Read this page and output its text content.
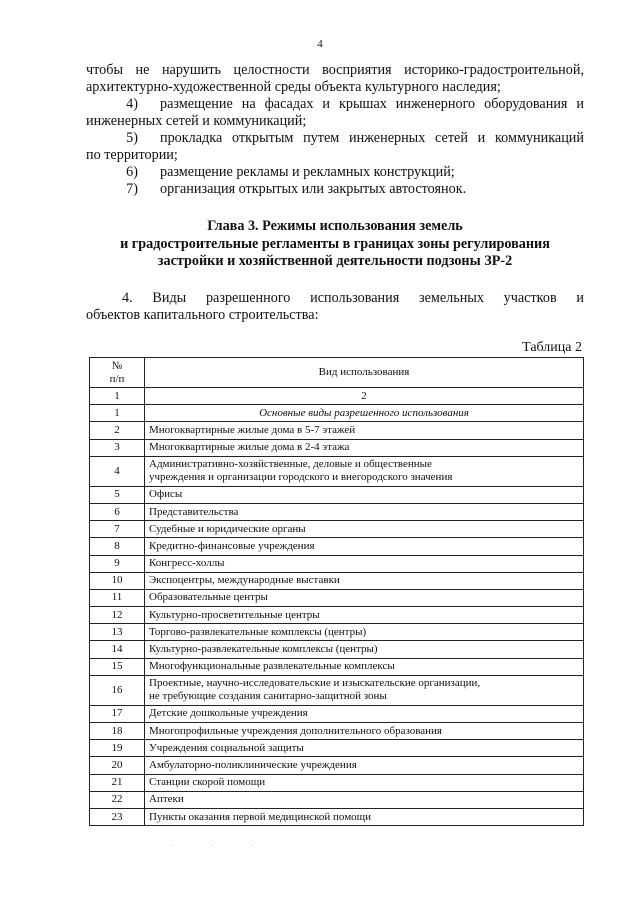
4
чтобы не нарушить целостности восприятия историко-градостроительной,
архитектурно-художественной среды объекта культурного наследия;
4)	размещение на фасадах и крышах инженерного оборудования и
инженерных сетей и коммуникаций;
5)	прокладка открытым путем инженерных сетей и коммуникаций
по территории;
6)	размещение рекламы и рекламных конструкций;
7)	организация открытых или закрытых автостоянок.
Глава 3. Режимы использования земель
и градостроительные регламенты в границах зоны регулирования
застройки и хозяйственной деятельности подзоны ЗР-2
4. Виды разрешенного использования земельных участков и
объектов капитального строительства:
Таблица 2
№
п/п	Вид использования
1	2
1	Основные виды разрешенного использования
2	Многоквартирные жилые дома в 5-7 этажей
3	Многоквартирные жилые дома в 2-4 этажа
4	Административно-хозяйственные, деловые и общественные
учреждения и организации городского и внегородского значения
5	Офисы
6	Представительства
7	Судебные и юридические органы
8	Кредитно-финансовые учреждения
9	Конгресс-холлы
10	Экспоцентры, международные выставки
11	Образовательные центры
12	Культурно-просветительные центры
13	Торгово-развлекательные комплексы (центры)
14	Культурно-развлекательные комплексы (центры)
15	Многофункциональные развлекательные комплексы
16	Проектные, научно-исследовательские и изыскательские организации,
не требующие создания санитарно-защитной зоны
17	Детские дошкольные учреждения
18	Многопрофильные учреждения дополнительного образования
19	Учреждения социальной защиты
20	Амбулаторно-поликлинические учреждения
21	Станции скорой помощи
22	Аптеки
23	Пункты оказания первой медицинской помощи
· · ·
